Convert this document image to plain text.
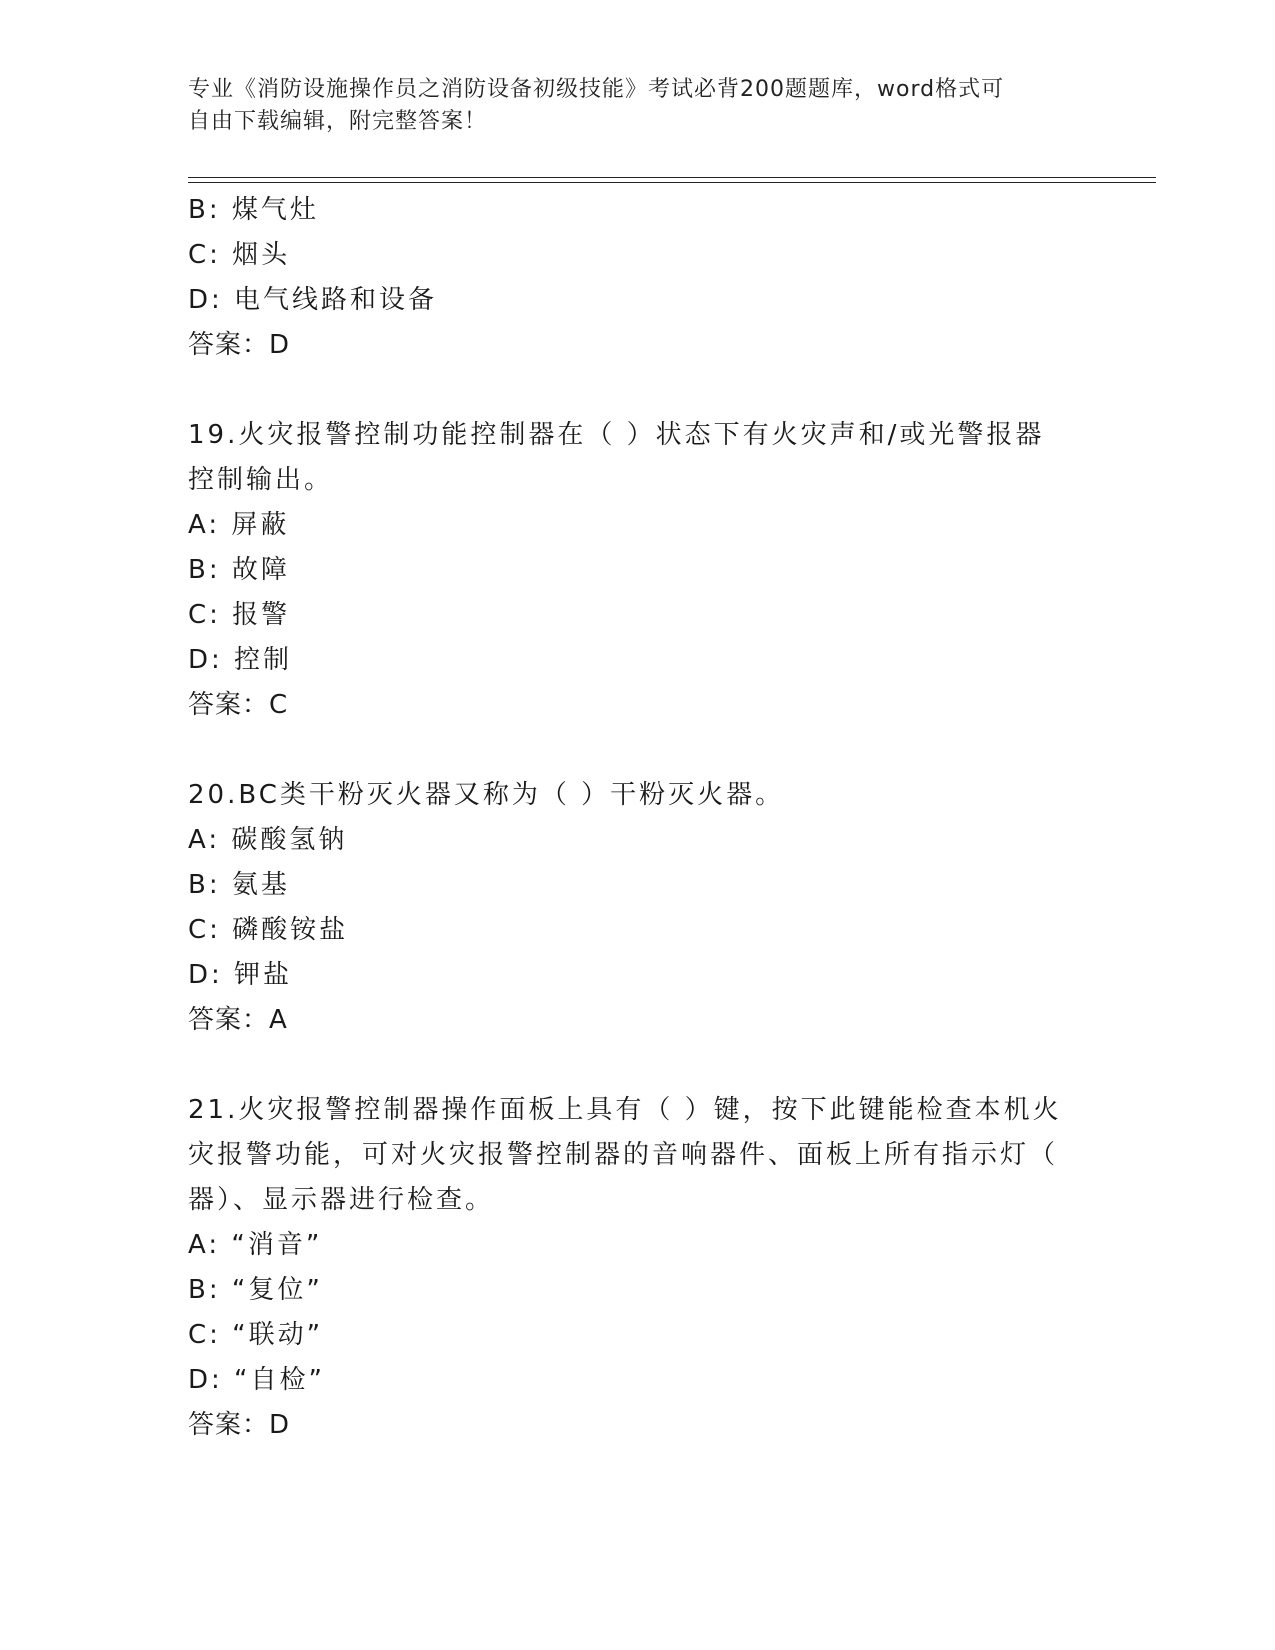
专业《消防设施操作员之消防设备初级技能》考试必背200题题库，word格式可
自由下载编辑，附完整答案！
B: 煤气灶
C: 烟头
D: 电气线路和设备
答案：D
19.火灾报警控制功能控制器在（ ）状态下有火灾声和/或光警报器
控制输出。
A: 屏蔽
B: 故障
C: 报警
D: 控制
答案：C
20.BC类干粉灭火器又称为（ ）干粉灭火器。
A: 碳酸氢钠
B: 氨基
C: 磷酸铵盐
D: 钾盐
答案：A
21.火灾报警控制器操作面板上具有（ ）键，按下此键能检查本机火
灾报警功能，可对火灾报警控制器的音响器件、面板上所有指示灯（
器）、显示器进行检查。
A: “消音”
B: “复位”
C: “联动”
D: “自检”
答案：D
